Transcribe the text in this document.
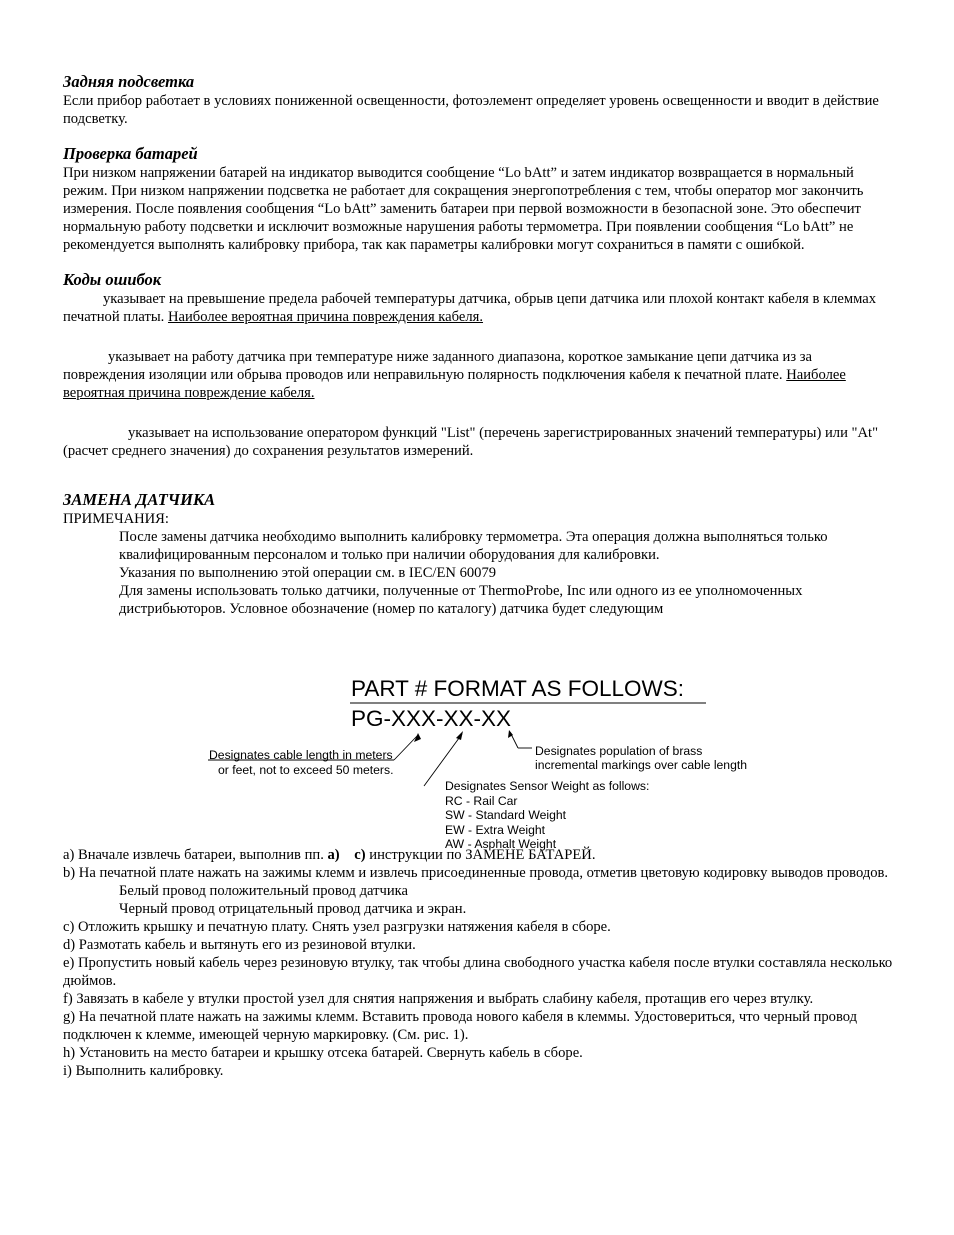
Задняя подсветка

Если прибор работает в условиях пониженной освещенности, фотоэлемент определяет уровень освещенности и вводит в действие подсветку.

Проверка батарей

При низком напряжении батарей на индикатор выводится сообщение “Lo bAtt” и затем индикатор возвращается в нормальный режим. При низком напряжении подсветка не работает для сокращения энергопотребления с тем, чтобы оператор мог закончить измерения. После появления сообщения “Lo bAtt” заменить батареи при первой возможности в безопасной зоне. Это обеспечит нормальную работу подсветки и исключит возможные нарушения работы термометра. При появлении сообщения “Lo bAtt” не рекомендуется выполнять калибровку прибора, так как параметры калибровки могут сохраниться в памяти с ошибкой.

Коды ошибок

указывает на превышение предела рабочей температуры датчика, обрыв цепи датчика или плохой контакт кабеля в клеммах печатной платы. Наиболее вероятная причина повреждения кабеля.

указывает на работу датчика при температуре ниже заданного диапазона, короткое замыкание цепи датчика из за повреждения изоляции или обрыва проводов или неправильную полярность подключения кабеля к печатной плате. Наиболее вероятная причина повреждение кабеля.

указывает на использование оператором функций "List" (перечень зарегистрированных значений температуры) или "At" (расчет среднего значения) до сохранения результатов измерений.

ЗАМЕНА ДАТЧИКА

ПРИМЕЧАНИЯ:

После замены датчика необходимо выполнить калибровку термометра. Эта операция должна выполняться только квалифицированным персоналом и только при наличии оборудования для калибровки.

Указания по выполнению этой операции см. в IEC/EN 60079

Для замены использовать только датчики, полученные от ThermoProbe, Inc или одного из ее уполномоченных дистрибьюторов. Условное обозначение (номер по каталогу) датчика будет следующим

a) Вначале извлечь батареи, выполнив пп. a) c) инструкции по ЗАМЕНЕ БАТАРЕЙ.

b) На печатной плате нажать на зажимы клемм и извлечь присоединенные провода, отметив цветовую кодировку выводов проводов.

Белый провод положительный провод датчика

Черный провод отрицательный провод датчика и экран.

c) Отложить крышку и печатную плату. Снять узел разгрузки натяжения кабеля в сборе.

d) Размотать кабель и вытянуть его из резиновой втулки.

e) Пропустить новый кабель через резиновую втулку, так чтобы длина свободного участка кабеля после втулки составляла несколько дюймов.

f) Завязать в кабеле у втулки простой узел для снятия напряжения и выбрать слабину кабеля, протащив его через втулку.

g) На печатной плате нажать на зажимы клемм. Вставить провода нового кабеля в клеммы. Удостовериться, что черный провод подключен к клемме, имеющей черную маркировку. (См. рис. 1).

h) Установить на место батареи и крышку отсека батарей. Свернуть кабель в сборе.

i) Выполнить калибровку.

PART # FORMAT AS FOLLOWS:
PG-XXX-XX-XX
Designates cable length in meters
or feet, not to exceed 50 meters.
Designates population of brass
incremental markings over cable length
Designates Sensor Weight as follows:
RC - Rail Car
SW - Standard Weight
EW - Extra Weight
AW - Asphalt Weight
